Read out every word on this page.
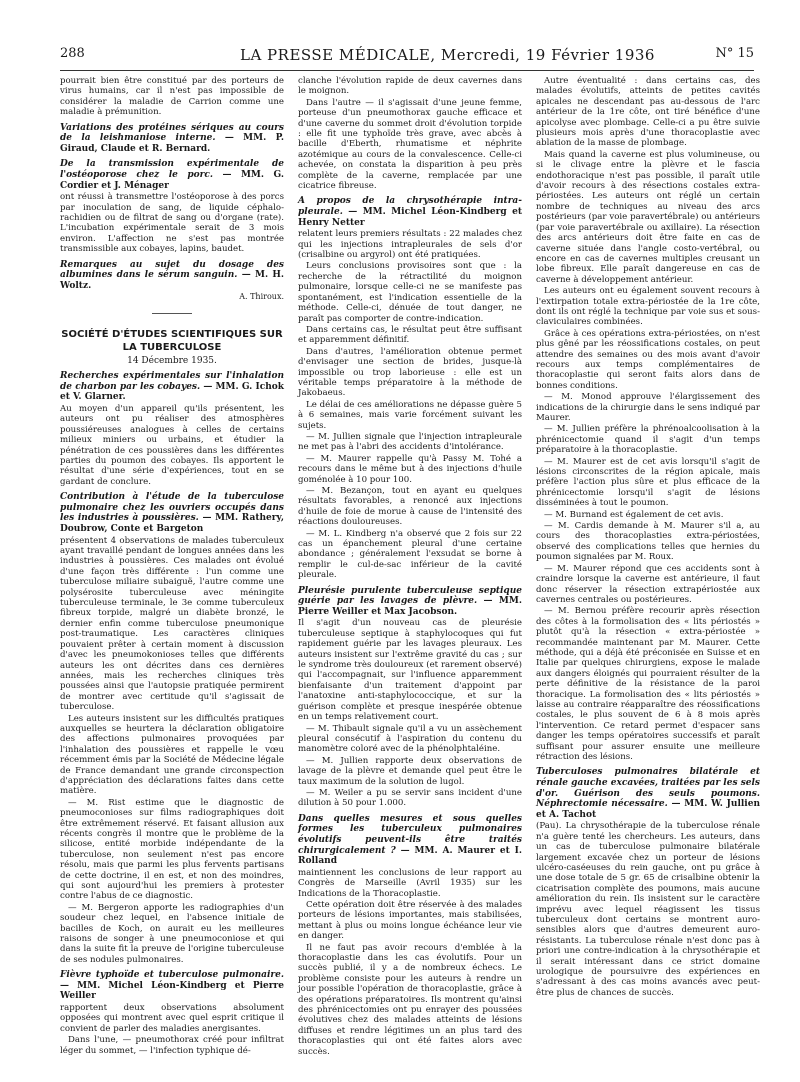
288	LA PRESSE MÉDICALE, Mercredi, 19 Février 1936	N° 15

pourrait bien être constitué par des porteurs de virus humains, car il n'est pas impossible de considérer la maladie de Carrion comme une maladie à prémunition.

Variations des protéines sériques au cours de la leishmaniose interne. — MM. P. Giraud, Claude et R. Bernard.
De la transmission expérimentale de l'ostéoporose chez le porc. — MM. G. Cordier et J. Ménager

ont réussi à transmettre l'ostéoporose à des porcs par inoculation de sang, de liquide céphalo-rachidien ou de filtrat de sang ou d'organe (rate). L'incubation expérimentale serait de 3 mois environ. L'affection ne s'est pas montrée transmissible aux cobayes, lapins, baudet.

Remarques au sujet du dosage des albumines dans le sérum sanguin. — M. H. Woltz.

A. Thiroux.

SOCIÉTÉ D'ÉTUDES SCIENTIFIQUES SUR LA TUBERCULOSE
14 Décembre 1935.
Recherches expérimentales sur l'inhalation de charbon par les cobayes. — MM. G. Ichok et V. Glarner.

Au moyen d'un appareil qu'ils présentent, les auteurs ont pu réaliser des atmosphères poussiéreuses analogues à celles de certains milieux miniers ou urbains, et étudier la pénétration de ces poussières dans les différentes parties du poumon des cobayes. Ils apportent le résultat d'une série d'expériences, tout en se gardant de conclure.

Contribution à l'étude de la tuberculose pulmonaire chez les ouvriers occupés dans les industries à poussières. — MM. Rathery, Doubrow, Conte et Bargeton

présentent 4 observations de malades tuberculeux ayant travaillé pendant de longues années dans les industries à poussières. Ces malades ont évolué d'une façon très différente : l'un comme une tuberculose miliaire subaiguë, l'autre comme une polysérosite tuberculeuse avec méningite tuberculeuse terminale, le 3e comme tuberculeux fibreux torpide, malgré un diabète bronzé, le dernier enfin comme tuberculose pneumonique post-traumatique. Les caractères cliniques pouvaient prêter à certain moment à discussion d'avec les pneumokonioses telles que différents auteurs les ont décrites dans ces dernières années, mais les recherches cliniques très poussées ainsi que l'autopsie pratiquée permirent de montrer avec certitude qu'il s'agissait de tuberculose.

Les auteurs insistent sur les difficultés pratiques auxquelles se heurtera la déclaration obligatoire des affections pulmonaires provoquées par l'inhalation des poussières et rappelle le vœu récemment émis par la Société de Médecine légale de France demandant une grande circonspection d'appréciation des déclarations faites dans cette matière.

— M. Rist estime que le diagnostic de pneumoconioses sur films radiographiques doit être extrêmement réservé. Et faisant allusion aux récents congrès il montre que le problème de la silicose, entité morbide indépendante de la tuberculose, non seulement n'est pas encore résolu, mais que parmi les plus fervents partisans de cette doctrine, il en est, et non des moindres, qui sont aujourd'hui les premiers à protester contre l'abus de ce diagnostic.

— M. Bergeron apporte les radiographies d'un soudeur chez lequel, en l'absence initiale de bacilles de Koch, on aurait eu les meilleures raisons de songer à une pneumoconiose et qui dans la suite fit la preuve de l'origine tuberculeuse de ses nodules pulmonaires.

Fièvre typhoïde et tuberculose pulmonaire. — MM. Michel Léon-Kindberg et Pierre Weiller

rapportent deux observations absolument opposées qui montrent avec quel esprit critique il convient de parler des maladies anergisantes.

Dans l'une, — pneumothorax créé pour infiltrat léger du sommet, — l'infection typhique dé-

clanche l'évolution rapide de deux cavernes dans le moignon.

Dans l'autre — il s'agissait d'une jeune femme, porteuse d'un pneumothorax gauche efficace et d'une caverne du sommet droit d'évolution torpide : elle fit une typhoïde très grave, avec abcès à bacille d'Eberth, rhumatisme et néphrite azotémique au cours de la convalescence. Celle-ci achevée, on constata la disparition à peu près complète de la caverne, remplacée par une cicatrice fibreuse.

A propos de la chrysothérapie intra-pleurale. — MM. Michel Léon-Kindberg et Henry Netter

relatent leurs premiers résultats : 22 malades chez qui les injections intrapleurales de sels d'or (crisalbine ou argyrol) ont été pratiquées.

Leurs conclusions provisoires sont que : la recherche de la rétractilité du moignon pulmonaire, lorsque celle-ci ne se manifeste pas spontanément, est l'indication essentielle de la méthode. Celle-ci, dénuée de tout danger, ne paraît pas comporter de contre-indication.

Dans certains cas, le résultat peut être suffisant et apparemment définitif.

Dans d'autres, l'amélioration obtenue permet d'envisager une section de brides, jusque-là impossible ou trop laborieuse : elle est un véritable temps préparatoire à la méthode de Jakobaeus.

Le délai de ces améliorations ne dépasse guère 5 à 6 semaines, mais varie forcément suivant les sujets.

— M. Jullien signale que l'injection intrapleurale ne met pas à l'abri des accidents d'intolérance.

— M. Maurer rappelle qu'à Passy M. Tohé a recours dans le même but à des injections d'huile goménolée à 10 pour 100.

— M. Bezançon, tout en ayant eu quelques résultats favorables, a renoncé aux injections d'huile de foie de morue à cause de l'intensité des réactions douloureuses.

— M. L. Kindberg n'a observé que 2 fois sur 22 cas un épanchement pleural d'une certaine abondance ; généralement l'exsudat se borne à remplir le cul-de-sac inférieur de la cavité pleurale.

Pleurésie purulente tuberculeuse septique guérie par les lavages de plèvre. — MM. Pierre Weiller et Max Jacobson.

Il s'agit d'un nouveau cas de pleurésie tuberculeuse septique à staphylocoques qui fut rapidement guérie par les lavages pleuraux. Les auteurs insistent sur l'extrême gravité du cas ; sur le syndrome très douloureux (et rarement observé) qui l'accompagnait, sur l'influence apparemment bienfaisante d'un traitement d'appoint par l'anatoxine anti-staphylococcique, et sur la guérison complète et presque inespérée obtenue en un temps relativement court.

— M. Thibault signale qu'il a vu un assèchement pleural consécutif à l'aspiration du contenu du manomètre coloré avec de la phénolphtaléine.

— M. Jullien rapporte deux observations de lavage de la plèvre et demande quel peut être le taux maximum de la solution de lugol.

— M. Weiler a pu se servir sans incident d'une dilution à 50 pour 1.000.

Dans quelles mesures et sous quelles formes les tuberculeux pulmonaires évolutifs peuvent-ils être traités chirurgicalement ? — MM. A. Maurer et I. Rolland

maintiennent les conclusions de leur rapport au Congrès de Marseille (Avril 1935) sur les Indications de la Thoracoplastie.

Cette opération doit être réservée à des malades porteurs de lésions importantes, mais stabilisées, mettant à plus ou moins longue échéance leur vie en danger.

Il ne faut pas avoir recours d'emblée à la thoracoplastie dans les cas évolutifs. Pour un succès publié, il y a de nombreux échecs. Le problème consiste pour les auteurs à rendre un jour possible l'opération de thoracoplastie, grâce à des opérations préparatoires. Ils montrent qu'ainsi des phrénicectomies ont pu enrayer des poussées évolutives chez des malades atteints de lésions diffuses et rendre légitimes un an plus tard des thoracoplasties qui ont été faites alors avec succès.

Autre éventualité : dans certains cas, des malades évolutifs, atteints de petites cavités apicales ne descendant pas au-dessous de l'arc antérieur de la 1re côte, ont tiré bénéfice d'une apicolyse avec plombage. Celle-ci a pu être suivie plusieurs mois après d'une thoracoplastie avec ablation de la masse de plombage.

Mais quand la caverne est plus volumineuse, ou si le clivage entre la plèvre et le fascia endothoracique n'est pas possible, il paraît utile d'avoir recours à des résections costales extra-périostées. Les auteurs ont réglé un certain nombre de techniques au niveau des arcs postérieurs (par voie paravertébrale) ou antérieurs (par voie paravertébrale ou axillaire). La résection des arcs antérieurs doit être faite en cas de caverne située dans l'angle costo-vertébral, ou encore en cas de cavernes multiples creusant un lobe fibreux. Elle paraît dangereuse en cas de caverne à développement antérieur.

Les auteurs ont eu également souvent recours à l'extirpation totale extra-périostée de la 1re côte, dont ils ont réglé la technique par voie sus et sous-claviculaires combinées.

Grâce à ces opérations extra-périostées, on n'est plus gêné par les réossifications costales, on peut attendre des semaines ou des mois avant d'avoir recours aux temps complémentaires de thoracoplastie qui seront faits alors dans de bonnes conditions.

— M. Monod approuve l'élargissement des indications de la chirurgie dans le sens indiqué par Maurer.

— M. Jullien préfère la phrénoalcoolisation à la phrénicectomie quand il s'agit d'un temps préparatoire à la thoracoplastie.

— M. Maurer est de cet avis lorsqu'il s'agit de lésions circonscrites de la région apicale, mais préfère l'action plus sûre et plus efficace de la phrénicectomie lorsqu'il s'agit de lésions disséminées à tout le poumon.

— M. Burnand est également de cet avis.

— M. Cardis demande à M. Maurer s'il a, au cours des thoracoplasties extra-périostées, observé des complications telles que hernies du poumon signalées par M. Roux.

— M. Maurer répond que ces accidents sont à craindre lorsque la caverne est antérieure, il faut donc réserver la résection extrapériostée aux cavernes centrales ou postérieures.

— M. Bernou préfère recourir après résection des côtes à la formolisation des « lits périostés » plutôt qu'à la résection « extra-périostée » recommandée maintenant par M. Maurer. Cette méthode, qui a déjà été préconisée en Suisse et en Italie par quelques chirurgiens, expose le malade aux dangers éloignés qui pourraient résulter de la perte définitive de la résistance de la paroi thoracique. La formolisation des « lits périostés » laisse au contraire réapparaître des réossifications costales, le plus souvent de 6 à 8 mois après l'intervention. Ce retard permet d'espacer sans danger les temps opératoires successifs et paraît suffisant pour assurer ensuite une meilleure rétraction des lésions.

Tuberculoses pulmonaires bilatérale et rénale gauche excavées, traitées par les sels d'or. Guérison des seuls poumons. Néphrectomie nécessaire. — MM. W. Jullien et A. Tachot

(Pau). La chrysothérapie de la tuberculose rénale n'a guère tenté les chercheurs. Les auteurs, dans un cas de tuberculose pulmonaire bilatérale largement excavée chez un porteur de lésions ulcéro-caséeuses du rein gauche, ont pu grâce à une dose totale de 5 gr. 65 de crisalbine obtenir la cicatrisation complète des poumons, mais aucune amélioration du rein. Ils insistent sur le caractère imprévu avec lequel réagissent les tissus tuberculeux dont certains se montrent auro-sensibles alors que d'autres demeurent auro-résistants. La tuberculose rénale n'est donc pas à priori une contre-indication à la chrysothérapie et il serait intéressant dans ce strict domaine urologique de poursuivre des expériences en s'adressant à des cas moins avancés avec peut-être plus de chances de succès.
